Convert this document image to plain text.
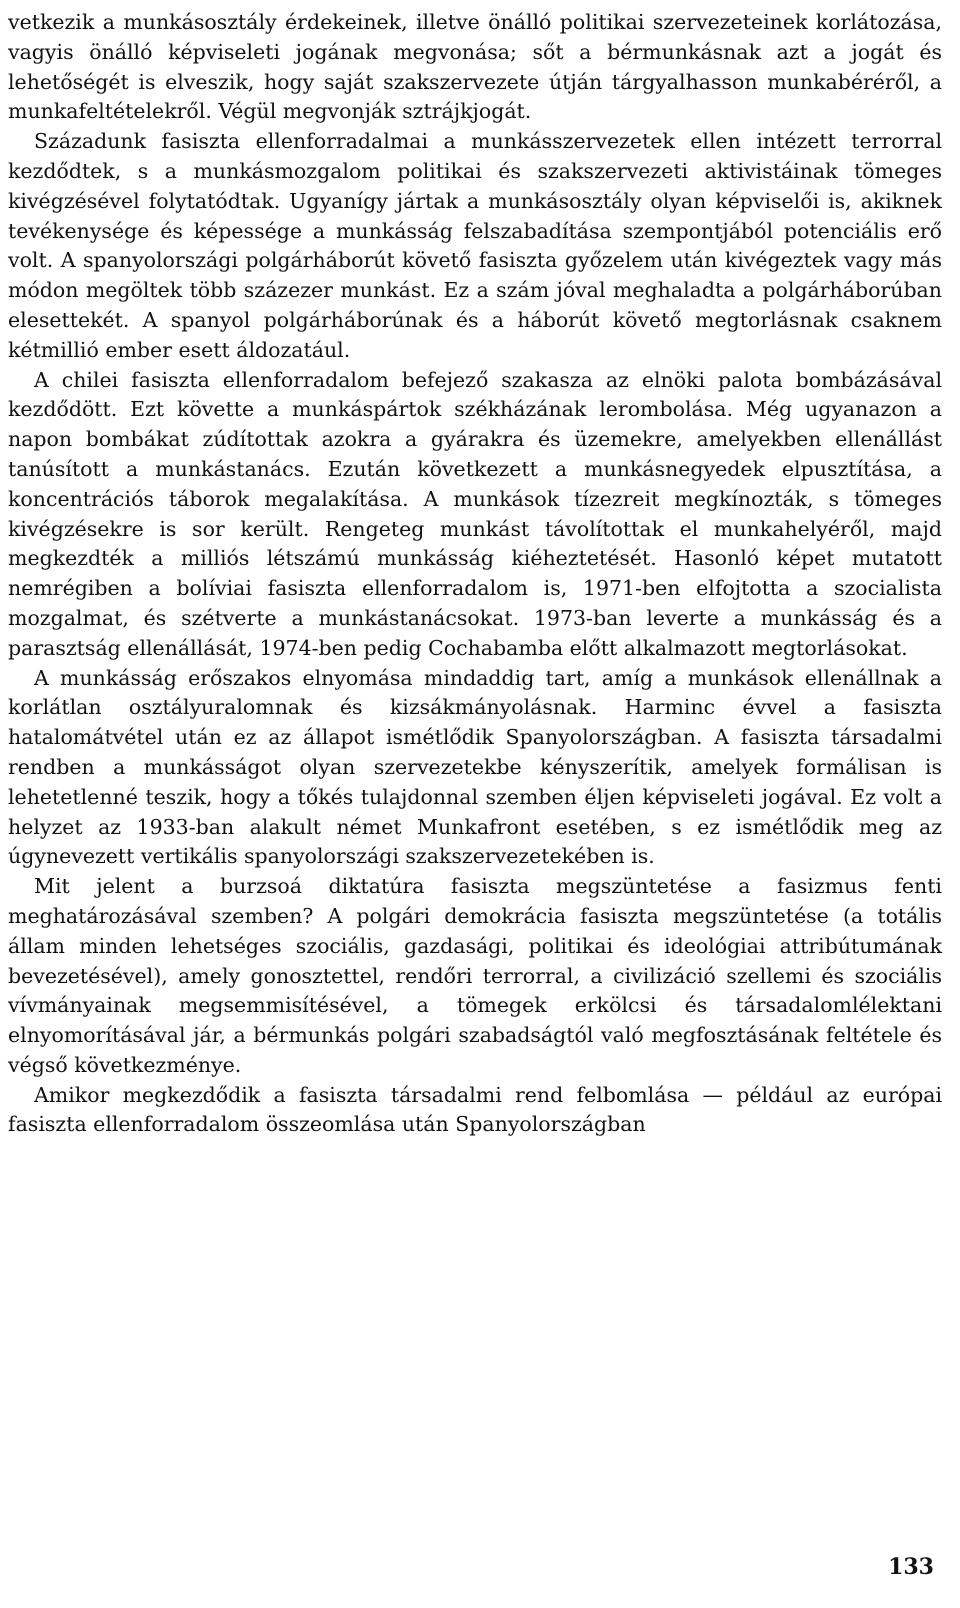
vetkezik a munkásosztály érdekeinek, illetve önálló politikai szervezeteinek korlátozása, vagyis önálló képviseleti jogának megvonása; sőt a bérmunkásnak azt a jogát és lehetőségét is elveszik, hogy saját szakszervezete útján tárgyalhasson munkabéréről, a munkafeltételekről. Végül megvonják sztrájkjogát.

Századunk fasiszta ellenforradalmai a munkásszervezetek ellen intézett terrorral kezdődtek, s a munkásmozgalom politikai és szakszervezeti aktivistáinak tömeges kivégzésével folytatódtak. Ugyanígy jártak a munkásosztály olyan képviselői is, akiknek tevékenysége és képessége a munkásság felszabadítása szempontjából potenciális erő volt. A spanyolországi polgárháborút követő fasiszta győzelem után kivégeztek vagy más módon megöltek több százezer munkást. Ez a szám jóval meghaladta a polgárháborúban elesettekét. A spanyol polgárháborúnak és a háborút követő megtorlásnak csaknem kétmillió ember esett áldozatául.

A chilei fasiszta ellenforradalom befejező szakasza az elnöki palota bombázásával kezdődött. Ezt követte a munkáspártok székházának lerombolása. Még ugyanazon a napon bombákat zúdítottak azokra a gyárakra és üzemekre, amelyekben ellenállást tanúsított a munkástanács. Ezután következett a munkásnegyedek elpusztítása, a koncentrációs táborok megalakítása. A munkások tízezreit megkínozták, s tömeges kivégzésekre is sor került. Rengeteg munkást távolítottak el munkahelyéről, majd megkezdték a milliós létszámú munkásság kiéheztetését. Hasonló képet mutatott nemrégiben a bolíviai fasiszta ellenforradalom is, 1971-ben elfojtotta a szocialista mozgalmat, és szétverte a munkástanácsokat. 1973-ban leverte a munkásság és a parasztság ellenállását, 1974-ben pedig Cochabamba előtt alkalmazott megtorlásokat.

A munkásság erőszakos elnyomása mindaddig tart, amíg a munkások ellenállnak a korlátlan osztályuralomnak és kizsákmányolásnak. Harminc évvel a fasiszta hatalomátvétel után ez az állapot ismétlődik Spanyolországban. A fasiszta társadalmi rendben a munkásságot olyan szervezetekbe kényszerítik, amelyek formálisan is lehetetlenné teszik, hogy a tőkés tulajdonnal szemben éljen képviseleti jogával. Ez volt a helyzet az 1933-ban alakult német Munkafront esetében, s ez ismétlődik meg az úgynevezett vertikális spanyolországi szakszervezetekében is.

Mit jelent a burzsoá diktatúra fasiszta megszüntetése a fasizmus fenti meghatározásával szemben? A polgári demokrácia fasiszta megszüntetése (a totális állam minden lehetséges szociális, gazdasági, politikai és ideológiai attribútumának bevezetésével), amely gonosztettel, rendőri terrorral, a civilizáció szellemi és szociális vívmányainak megsemmisítésével, a tömegek erkölcsi és társadalomlélektani elnyomorításával jár, a bérmunkás polgári szabadságtól való megfosztásának feltétele és végső következménye.

Amikor megkezdődik a fasiszta társadalmi rend felbomlása — például az európai fasiszta ellenforradalom összeomlása után Spanyolországban

133
